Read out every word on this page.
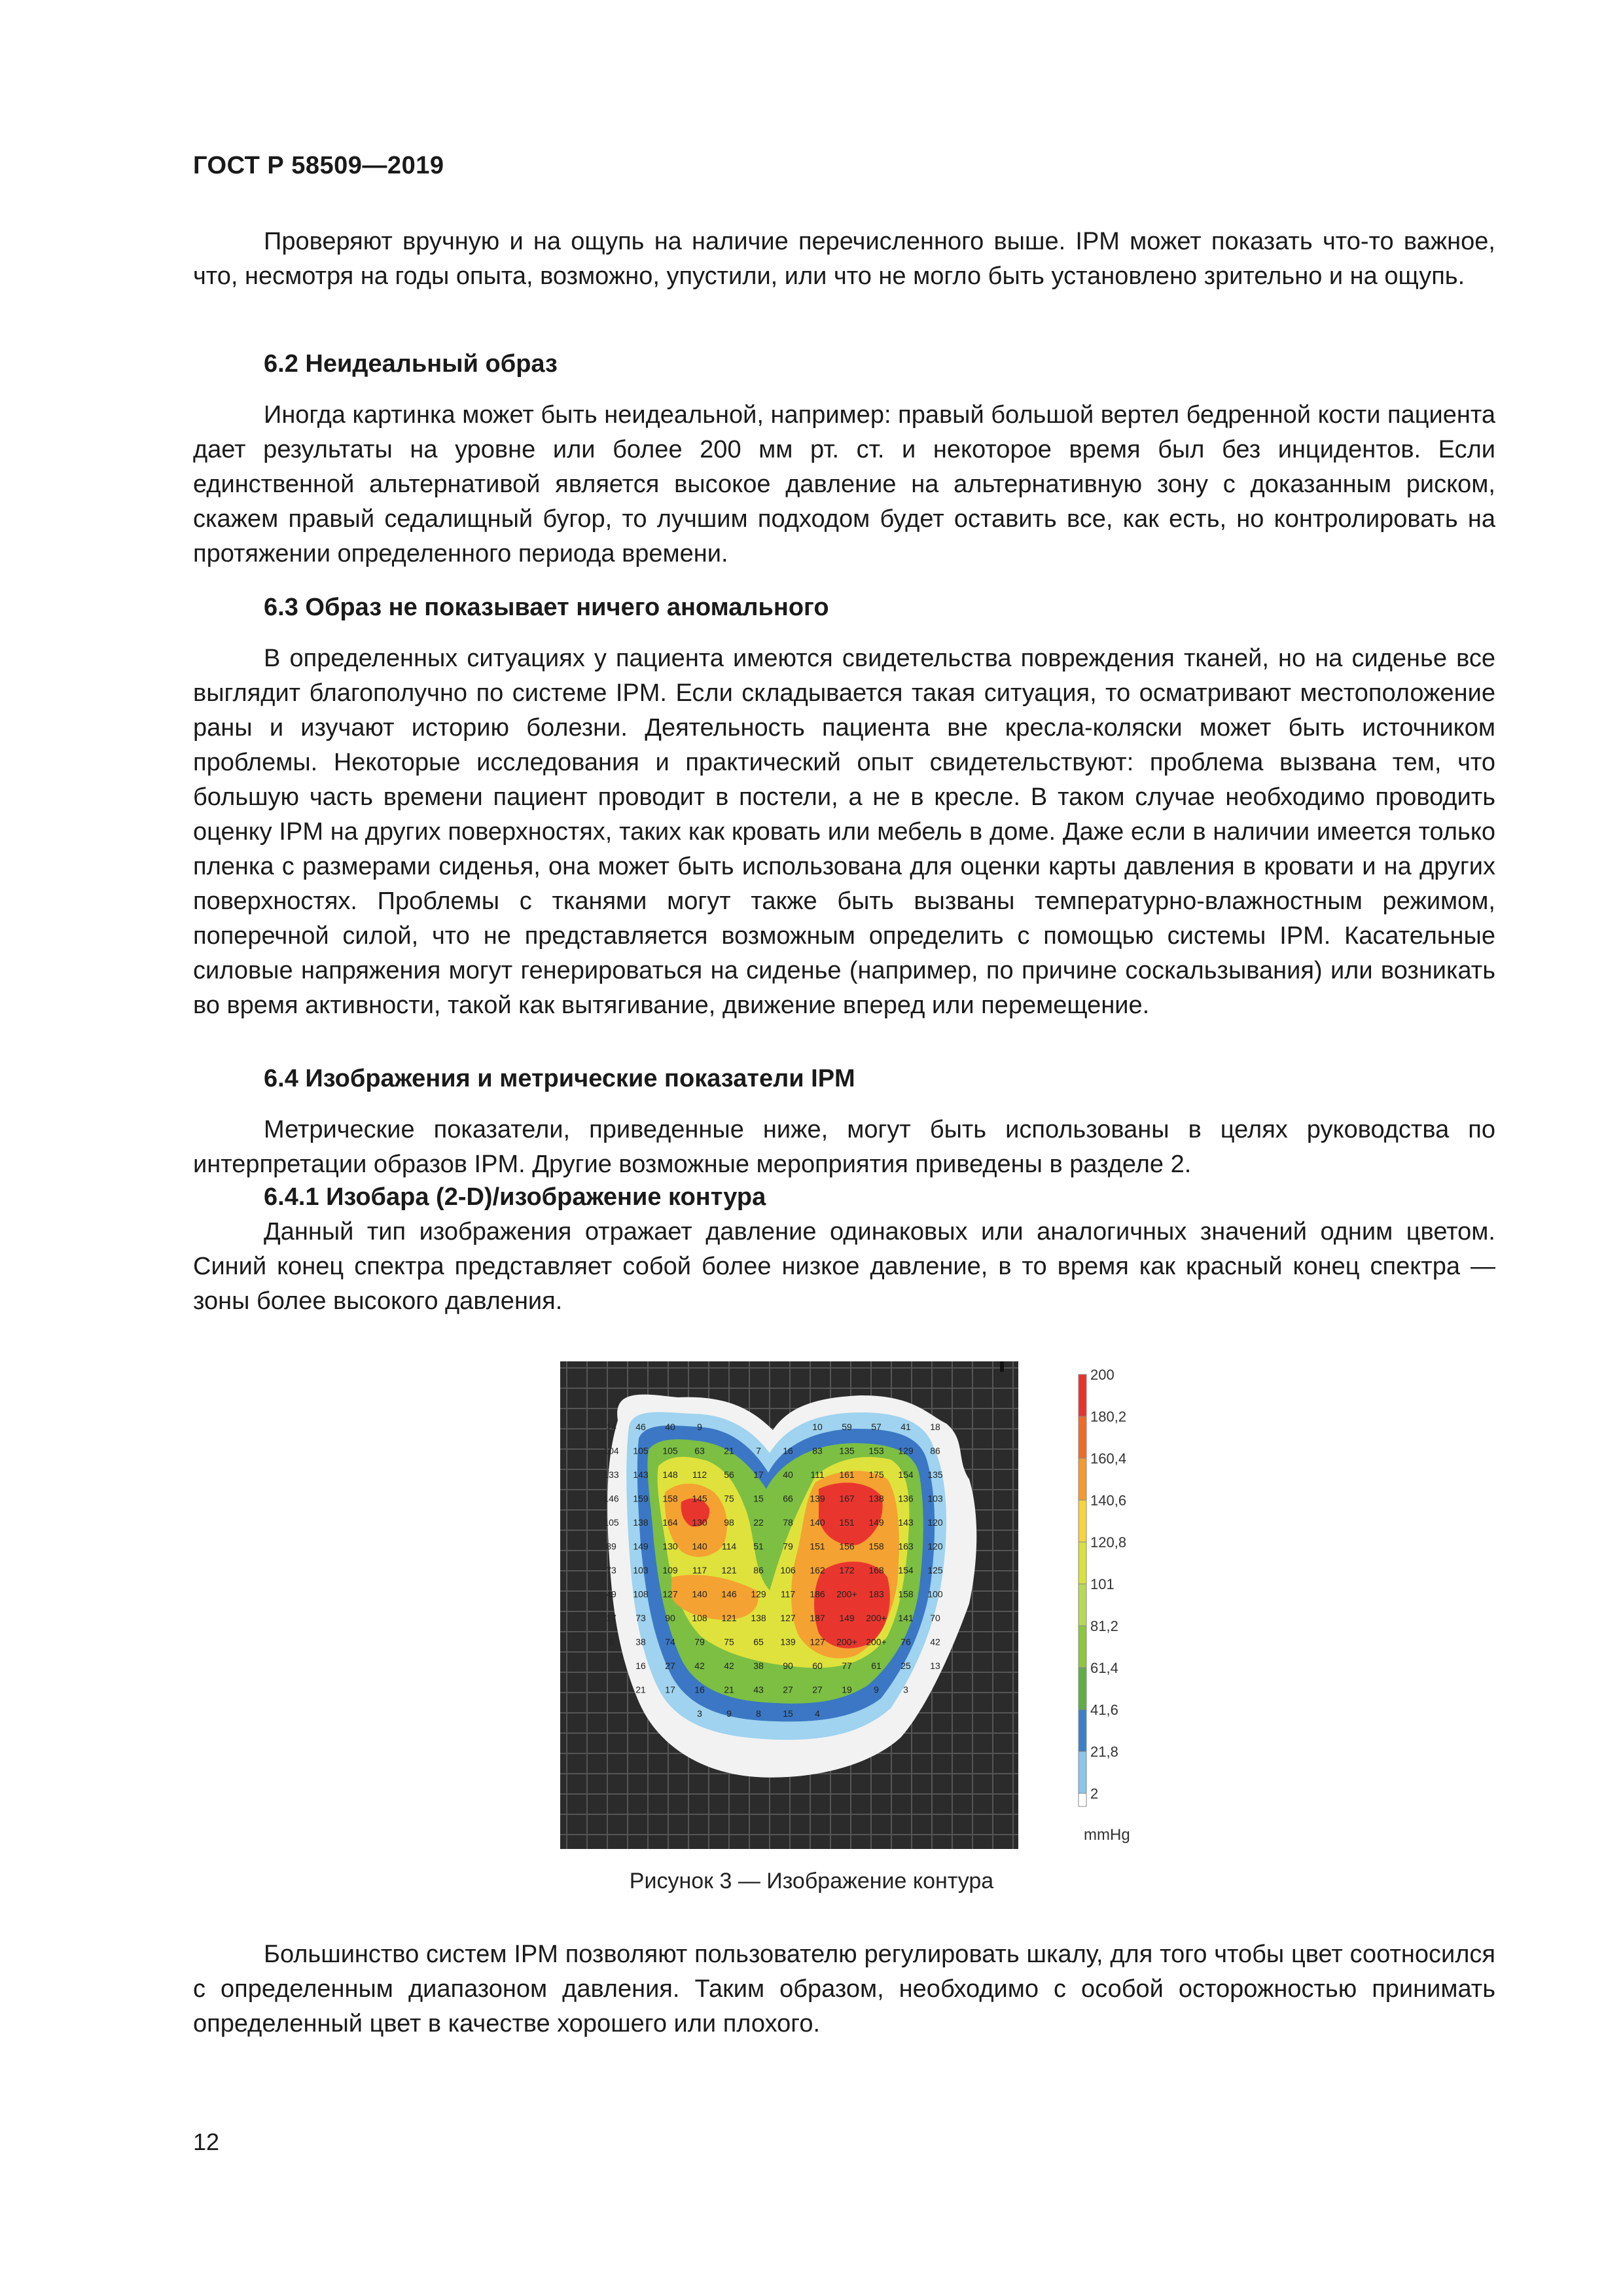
ГОСТ Р 58509—2019

Проверяют вручную и на ощупь на наличие перечисленного выше. IPM может показать что-то важное, что, несмотря на годы опыта, возможно, упустили, или что не могло быть установлено зрительно и на ощупь.

6.2 Неидеальный образ

Иногда картинка может быть неидеальной, например: правый большой вертел бедренной кости пациента дает результаты на уровне или более 200 мм рт. ст. и некоторое время был без инцидентов. Если единственной альтернативой является высокое давление на альтернативную зону с доказанным риском, скажем правый седалищный бугор, то лучшим подходом будет оставить все, как есть, но контролировать на протяжении определенного периода времени.

6.3 Образ не показывает ничего аномального

В определенных ситуациях у пациента имеются свидетельства повреждения тканей, но на сиденье все выглядит благополучно по системе IPM. Если складывается такая ситуация, то осматривают местоположение раны и изучают историю болезни. Деятельность пациента вне кресла-коляски может быть источником проблемы. Некоторые исследования и практический опыт свидетельствуют: проблема вызвана тем, что большую часть времени пациент проводит в постели, а не в кресле. В таком случае необходимо проводить оценку IPM на других поверхностях, таких как кровать или мебель в доме. Даже если в наличии имеется только пленка с размерами сиденья, она может быть использована для оценки карты давления в кровати и на других поверхностях. Проблемы с тканями могут также быть вызваны температурно-влажностным режимом, поперечной силой, что не представляется возможным определить с помощью системы IPM. Касательные силовые напряжения могут генерироваться на сиденье (например, по причине соскальзывания) или возникать во время активности, такой как вытягивание, движение вперед или перемещение.

6.4 Изображения и метрические показатели IPM

Метрические показатели, приведенные ниже, могут быть использованы в целях руководства по интерпретации образов IPM. Другие возможные мероприятия приведены в разделе 2.

6.4.1 Изобара (2-D)/изображение контура

Данный тип изображения отражает давление одинаковых или аналогичных значений одним цветом. Синий конец спектра представляет собой более низкое давление, в то время как красный конец спектра —зоны более высокого давления.

14 46 40 9	10 59 57 41 18
104 105 105 63 21 7 16 83 135 153 129 86
133 143 148 112 56 17 40 111 161 175 154 135
146 159 158 145 75 15 66 139 167 138 136 103
105 138 164 130 98 22 78 140 151 149 143 120
89 149 130 140 114 51 79 151 156 158 163 120
73 103 109 117 121 86 106 162 172 168 154 125
49 108 127 140 146 129 117 186 200+ 183 158 100
17 73 90 108 121 138 127 187 149 200+ 141 70
8 38 74 79 75 65 139 127 200+ 200+ 76 42
16 27 42 42 38 90 60 77 61 25 13
21 17 16 21 43 27 27 19 9	3
3	9	8 15 4
200
180,2
160,4
140,6
120,8
101
81,2
61,4
41,6
21,8
2
mmHg
Рисунок 3 — Изображение контура

Большинство систем IPM позволяют пользователю регулировать шкалу, для того чтобы цвет соотносился с определенным диапазоном давления. Таким образом, необходимо с особой осторожностью принимать определенный цвет в качестве хорошего или плохого.

12
